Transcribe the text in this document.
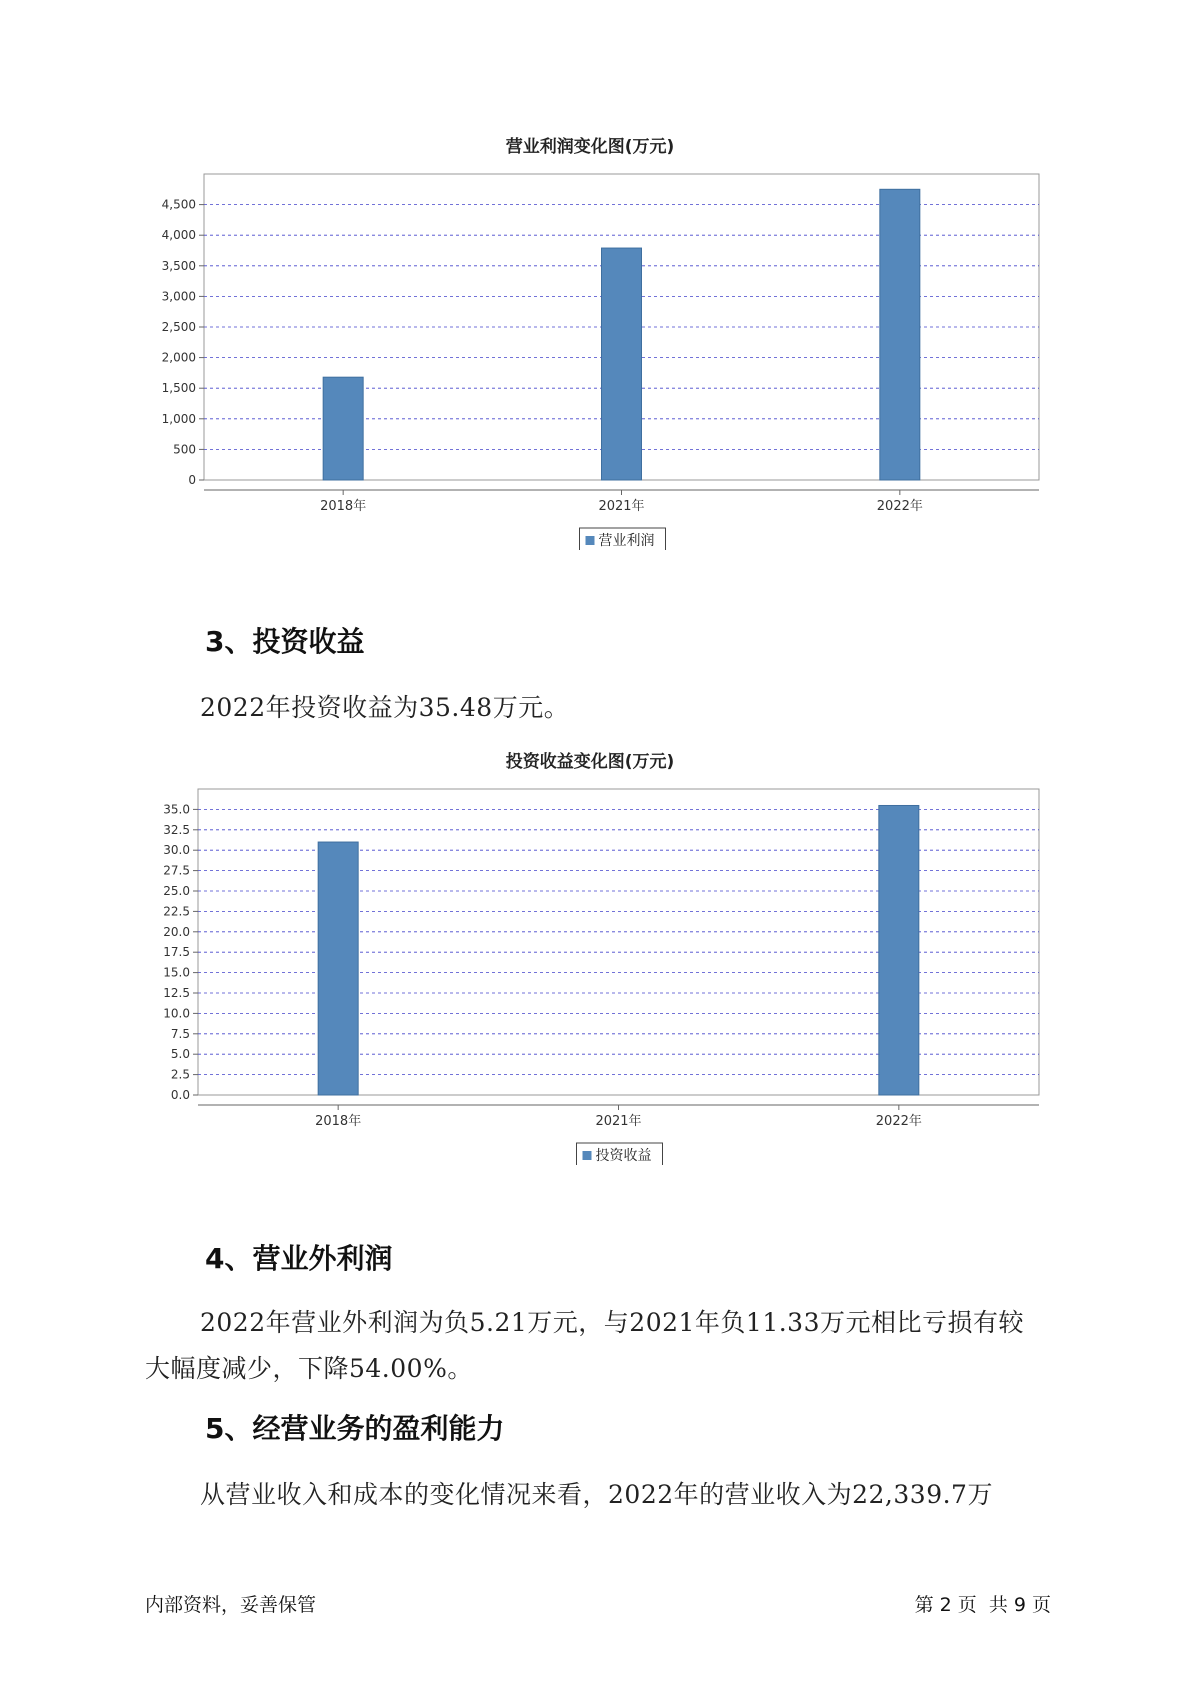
营业利润变化图(万元)
0
500
1,000
1,500
2,000
2,500
3,000
3,500
4,000
4,500
2018年	2021年	2022年
营业利润
3、投资收益
2022年投资收益为35.48万元。
投资收益变化图(万元)
0.0
2.5
5.0
7.5
10.0
12.5
15.0
17.5
20.0
22.5
25.0
27.5
30.0
32.5
35.0
2018年	2021年	2022年
投资收益
4、营业外利润
2022年营业外利润为负5.21万元，与2021年负11.33万元相比亏损有较
大幅度减少，下降54.00%。
5、经营业务的盈利能力
从营业收入和成本的变化情况来看，2022年的营业收入为22,339.7万
内部资料，妥善保管	第 2 页  共 9 页
